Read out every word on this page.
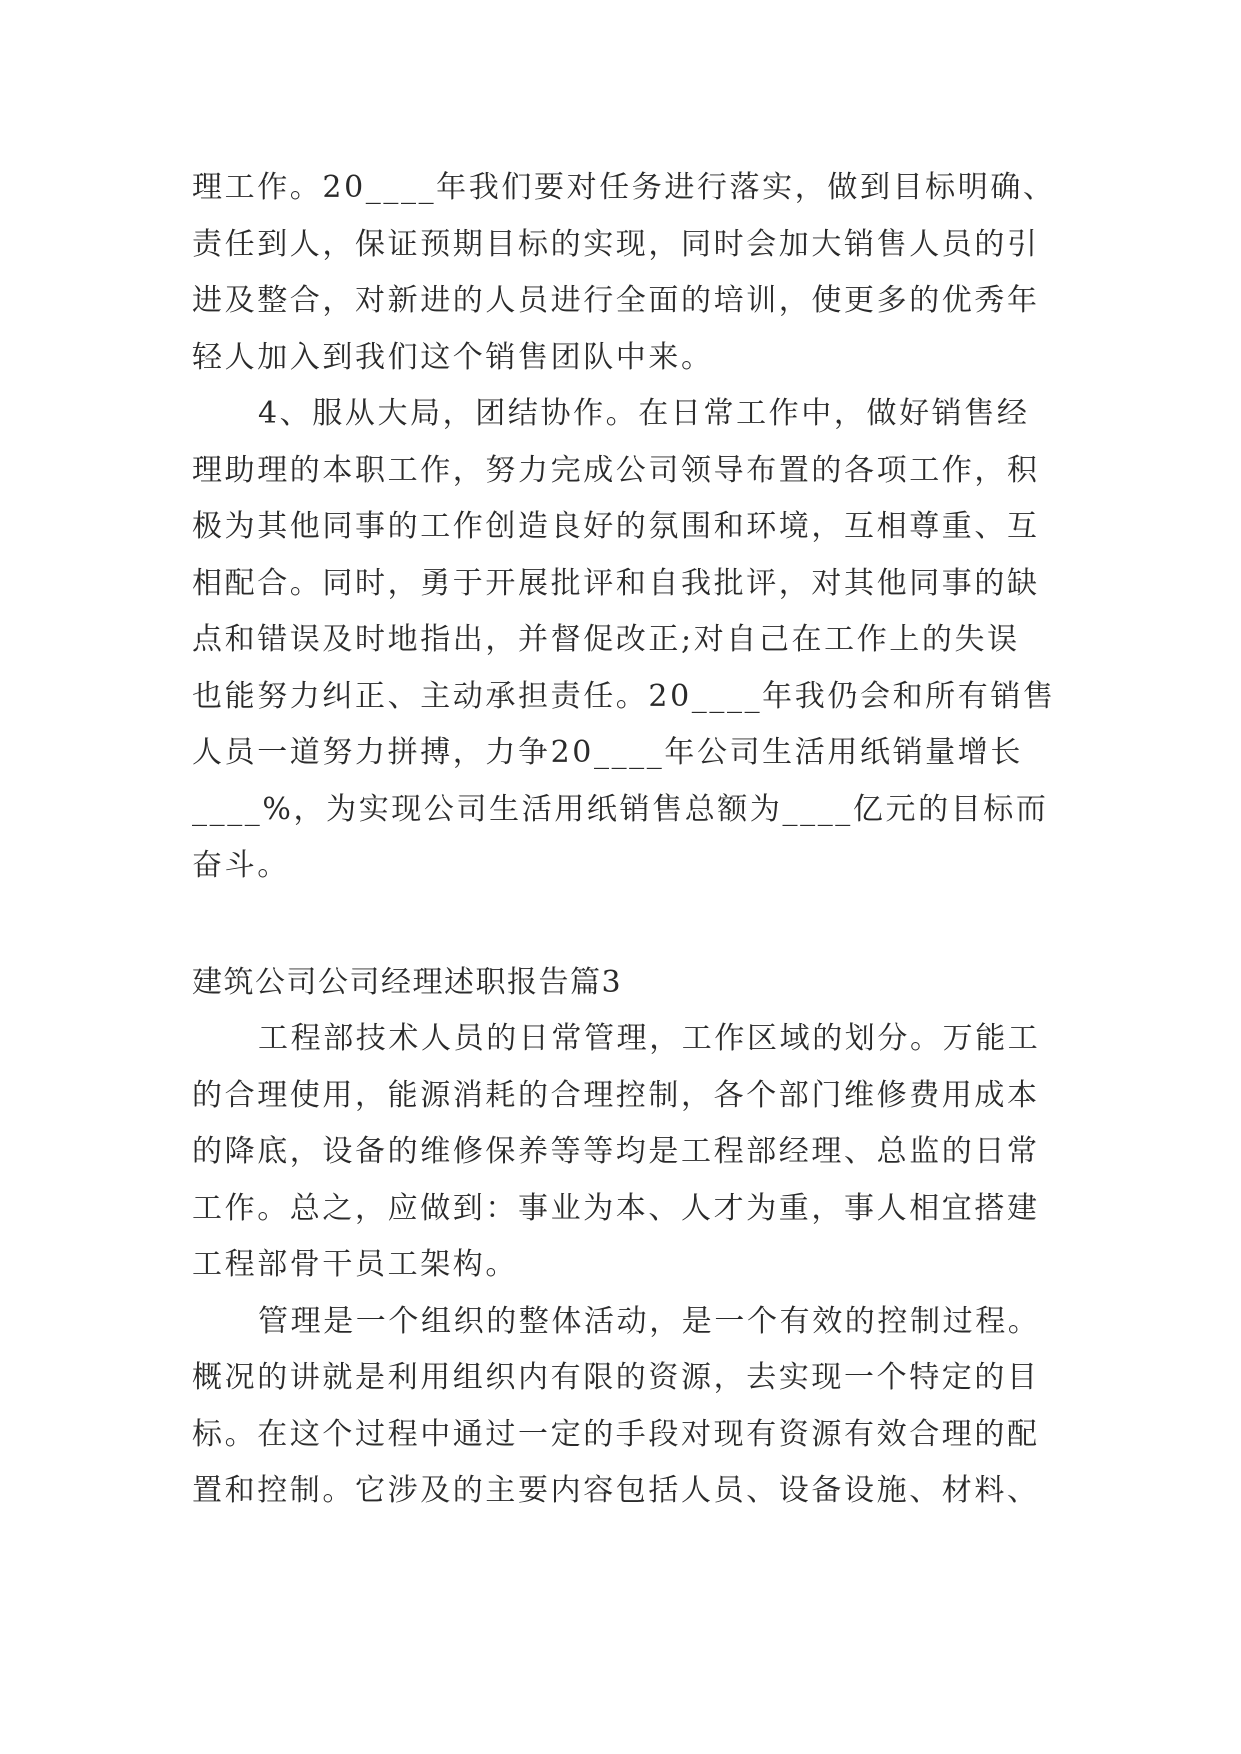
理工作。20____年我们要对任务进行落实，做到目标明确、
责任到人，保证预期目标的实现，同时会加大销售人员的引
进及整合，对新进的人员进行全面的培训，使更多的优秀年
轻人加入到我们这个销售团队中来。
4、服从大局，团结协作。在日常工作中，做好销售经
理助理的本职工作，努力完成公司领导布置的各项工作，积
极为其他同事的工作创造良好的氛围和环境，互相尊重、互
相配合。同时，勇于开展批评和自我批评，对其他同事的缺
点和错误及时地指出，并督促改正;对自己在工作上的失误
也能努力纠正、主动承担责任。20____年我仍会和所有销售
人员一道努力拼搏，力争20____年公司生活用纸销量增长
____%，为实现公司生活用纸销售总额为____亿元的目标而
奋斗。
建筑公司公司经理述职报告篇3
工程部技术人员的日常管理，工作区域的划分。万能工
的合理使用，能源消耗的合理控制，各个部门维修费用成本
的降底，设备的维修保养等等均是工程部经理、总监的日常
工作。总之，应做到：事业为本、人才为重，事人相宜搭建
工程部骨干员工架构。
管理是一个组织的整体活动，是一个有效的控制过程。
概况的讲就是利用组织内有限的资源，去实现一个特定的目
标。在这个过程中通过一定的手段对现有资源有效合理的配
置和控制。它涉及的主要内容包括人员、设备设施、材料、
